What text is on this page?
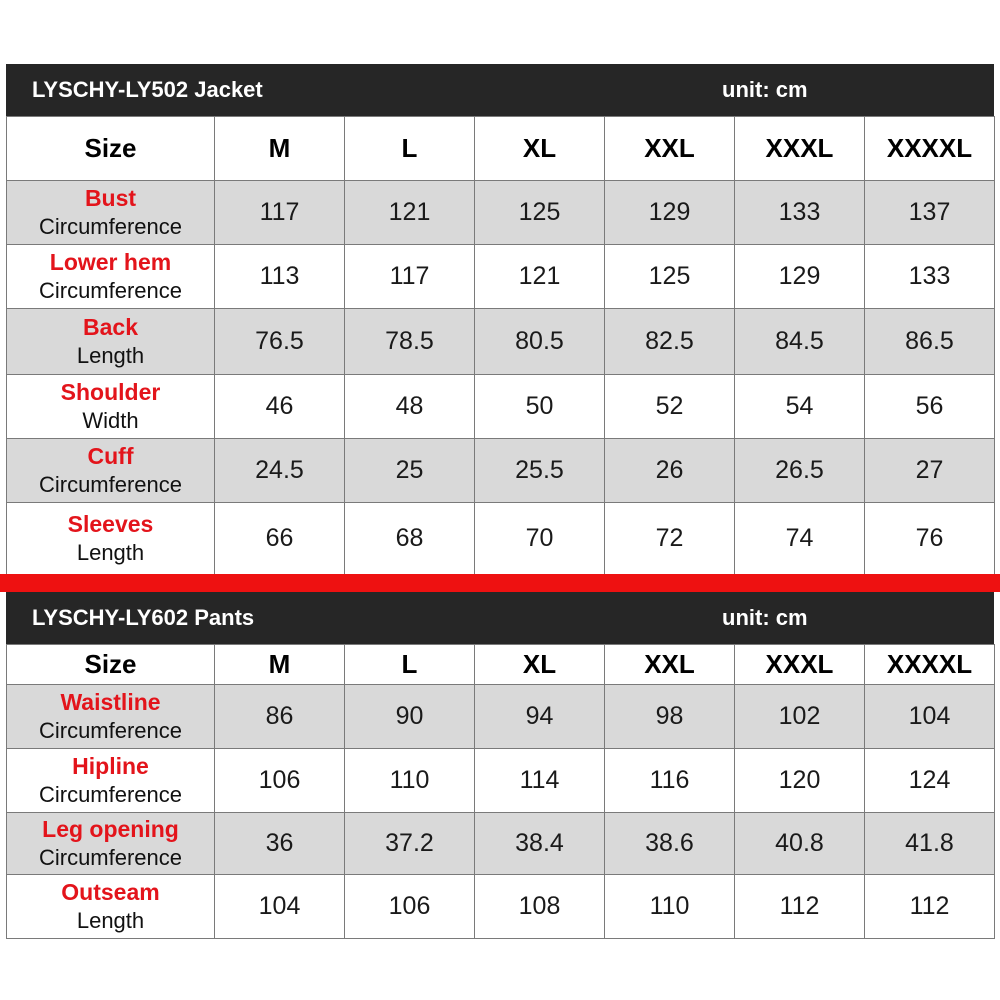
LYSCHY-LY502 Jacket	unit: cm
Size	M	L	XL	XXL	XXXL	XXXXL

Bust
Circumference	117	121	125	129	133	137

Lower hem
Circumference	113	117	121	125	129	133

Back
Length	76.5	78.5	80.5	82.5	84.5	86.5

Shoulder
Width	46	48	50	52	54	56

Cuff
Circumference	24.5	25	25.5	26	26.5	27

Sleeves
Length	66	68	70	72	74	76
LYSCHY-LY602 Pants	unit: cm
Size	M	L	XL	XXL	XXXL	XXXXL

Waistline
Circumference	86	90	94	98	102	104

Hipline
Circumference	106	110	114	116	120	124

Leg opening
Circumference	36	37.2	38.4	38.6	40.8	41.8

Outseam
Length	104	106	108	110	112	112
